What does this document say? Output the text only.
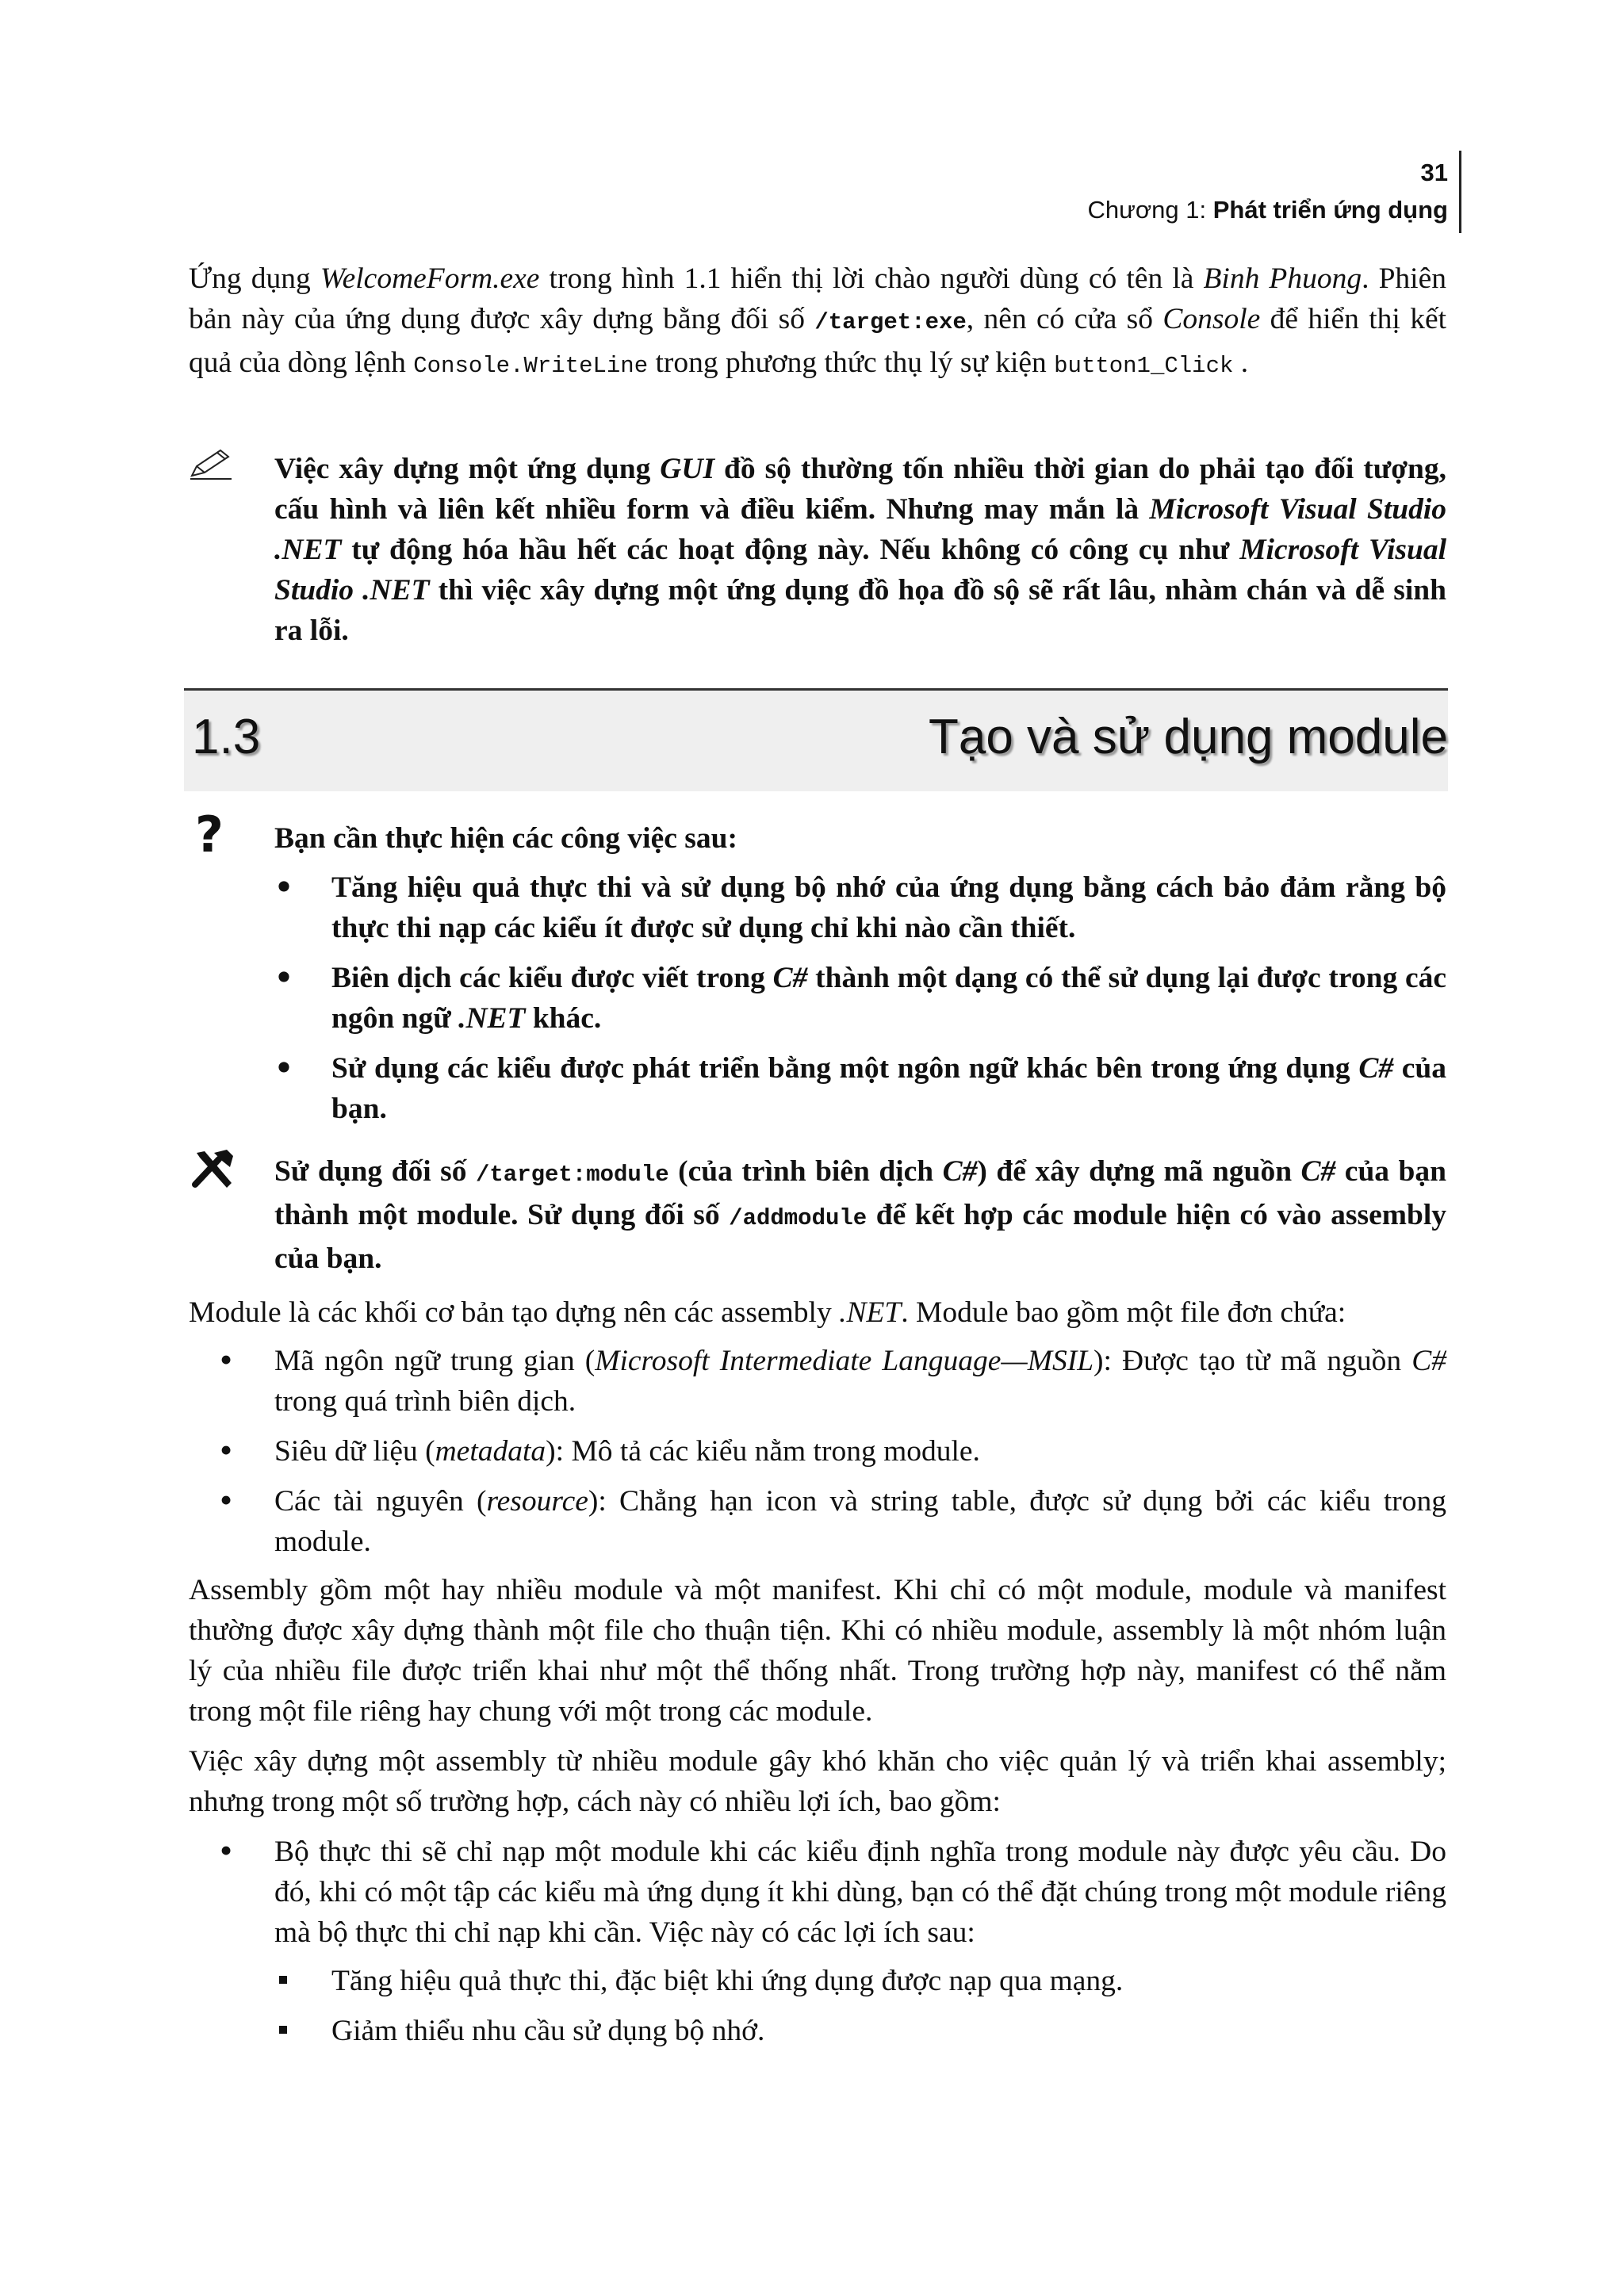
31
Chương 1: Phát triển ứng dụng

Ứng dụng WelcomeForm.exe trong hình 1.1 hiển thị lời chào người dùng có tên là Binh Phuong. Phiên bản này của ứng dụng được xây dựng bằng đối số /target:exe, nên có cửa sổ Console để hiển thị kết quả của dòng lệnh Console.WriteLine trong phương thức thụ lý sự kiện button1_Click .

Việc xây dựng một ứng dụng GUI đồ sộ thường tốn nhiều thời gian do phải tạo đối tượng, cấu hình và liên kết nhiều form và điều kiểm. Nhưng may mắn là Microsoft Visual Studio .NET tự động hóa hầu hết các hoạt động này. Nếu không có công cụ như Microsoft Visual Studio .NET thì việc xây dựng một ứng dụng đồ họa đồ sộ sẽ rất lâu, nhàm chán và dễ sinh ra lỗi.

1.3	Tạo và sử dụng module
? Bạn cần thực hiện các công việc sau:
• Tăng hiệu quả thực thi và sử dụng bộ nhớ của ứng dụng bằng cách bảo đảm rằng bộ thực thi nạp các kiểu ít được sử dụng chỉ khi nào cần thiết.

• Biên dịch các kiểu được viết trong C# thành một dạng có thể sử dụng lại được trong các ngôn ngữ .NET khác.

• Sử dụng các kiểu được phát triển bằng một ngôn ngữ khác bên trong ứng dụng C# của bạn.

Sử dụng đối số /target:module (của trình biên dịch C#) để xây dựng mã nguồn C# của bạn thành một module. Sử dụng đối số /addmodule để kết hợp các module hiện có vào assembly của bạn.

Module là các khối cơ bản tạo dựng nên các assembly .NET. Module bao gồm một file đơn chứa:

• Mã ngôn ngữ trung gian (Microsoft Intermediate Language—MSIL): Được tạo từ mã nguồn C# trong quá trình biên dịch.

• Siêu dữ liệu (metadata): Mô tả các kiểu nằm trong module.

• Các tài nguyên (resource): Chẳng hạn icon và string table, được sử dụng bởi các kiểu trong module.

Assembly gồm một hay nhiều module và một manifest. Khi chỉ có một module, module và manifest thường được xây dựng thành một file cho thuận tiện. Khi có nhiều module, assembly là một nhóm luận lý của nhiều file được triển khai như một thể thống nhất. Trong trường hợp này, manifest có thể nằm trong một file riêng hay chung với một trong các module.

Việc xây dựng một assembly từ nhiều module gây khó khăn cho việc quản lý và triển khai assembly; nhưng trong một số trường hợp, cách này có nhiều lợi ích, bao gồm:

• Bộ thực thi sẽ chỉ nạp một module khi các kiểu định nghĩa trong module này được yêu cầu. Do đó, khi có một tập các kiểu mà ứng dụng ít khi dùng, bạn có thể đặt chúng trong một module riêng mà bộ thực thi chỉ nạp khi cần. Việc này có các lợi ích sau:

Tăng hiệu quả thực thi, đặc biệt khi ứng dụng được nạp qua mạng.

Giảm thiểu nhu cầu sử dụng bộ nhớ.
